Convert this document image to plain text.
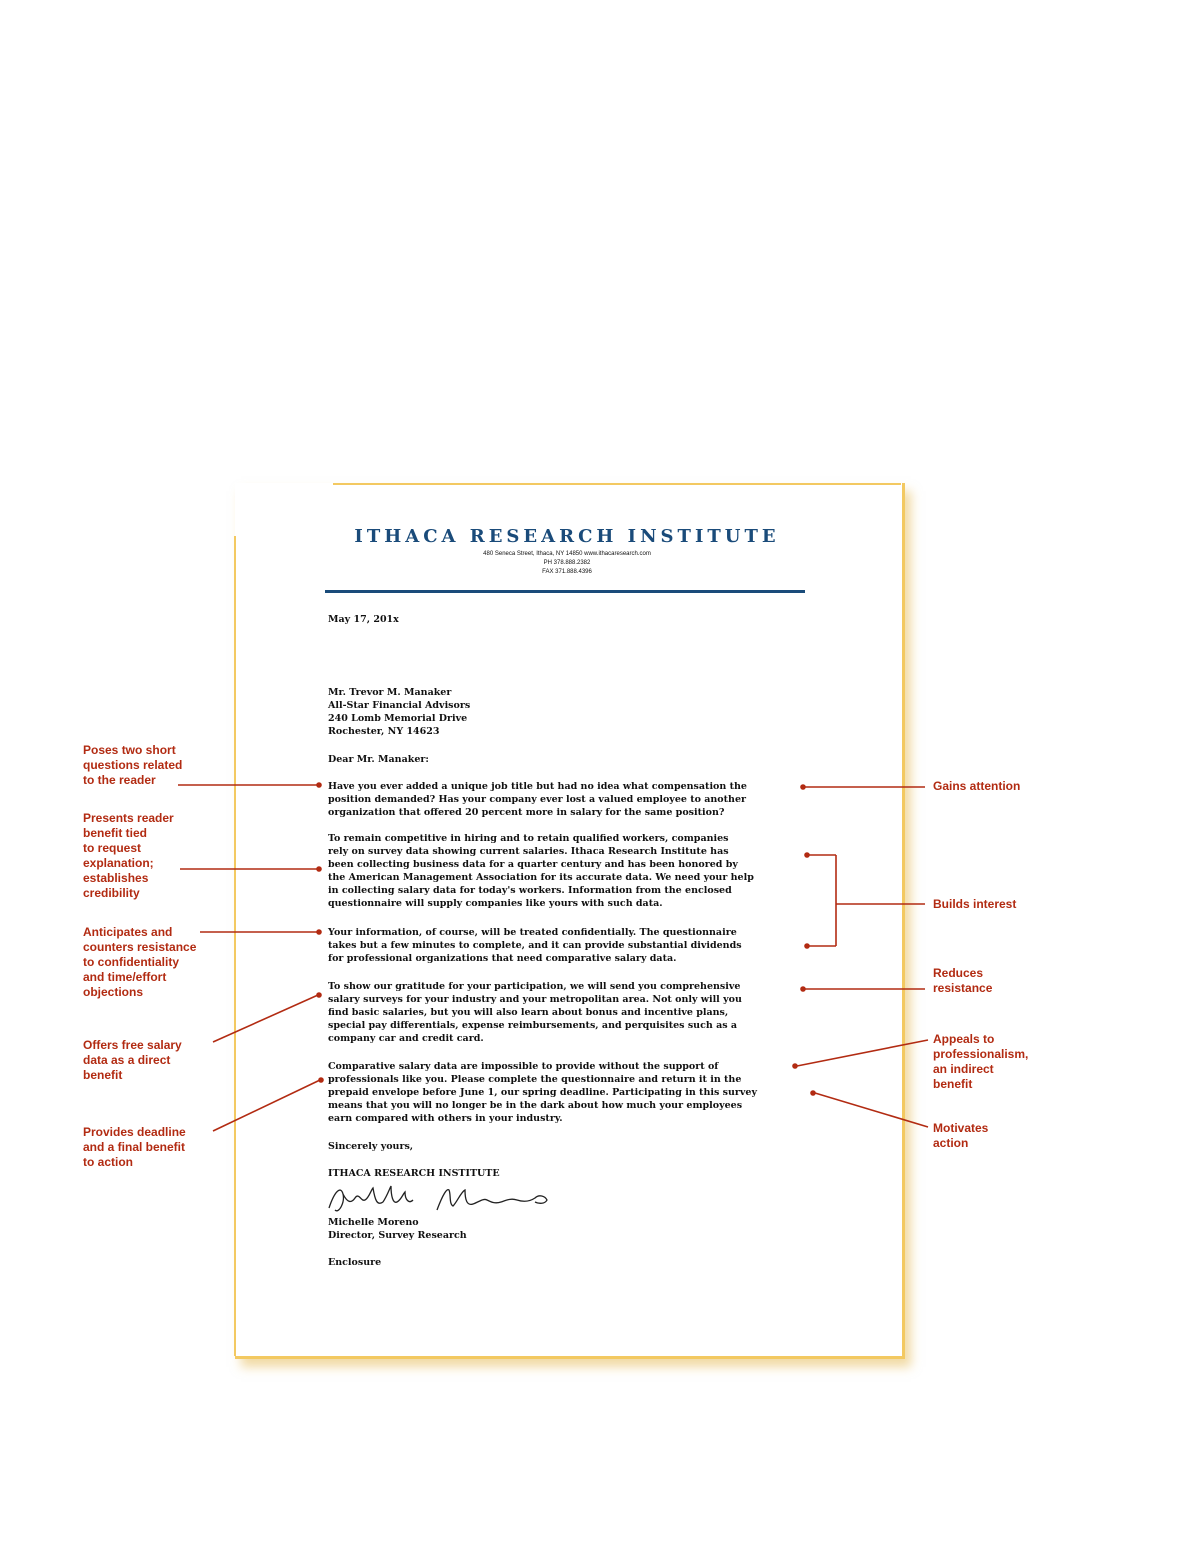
ITHACA RESEARCH INSTITUTE
480 Seneca Street, Ithaca, NY 14850 www.ithacaresearch.com
PH 378.888.2382
FAX 371.888.4396
May 17, 201x
Mr. Trevor M. Manaker
All-Star Financial Advisors
240 Lomb Memorial Drive
Rochester, NY 14623
Dear Mr. Manaker:
Have you ever added a unique job title but had no idea what compensation the
position demanded? Has your company ever lost a valued employee to another
organization that offered 20 percent more in salary for the same position?
To remain competitive in hiring and to retain qualified workers, companies
rely on survey data showing current salaries. Ithaca Research Institute has
been collecting business data for a quarter century and has been honored by
the American Management Association for its accurate data. We need your help
in collecting salary data for today's workers. Information from the enclosed
questionnaire will supply companies like yours with such data.
Your information, of course, will be treated confidentially. The questionnaire
takes but a few minutes to complete, and it can provide substantial dividends
for professional organizations that need comparative salary data.
To show our gratitude for your participation, we will send you comprehensive
salary surveys for your industry and your metropolitan area. Not only will you
find basic salaries, but you will also learn about bonus and incentive plans,
special pay differentials, expense reimbursements, and perquisites such as a
company car and credit card.
Comparative salary data are impossible to provide without the support of
professionals like you. Please complete the questionnaire and return it in the
prepaid envelope before June 1, our spring deadline. Participating in this survey
means that you will no longer be in the dark about how much your employees
earn compared with others in your industry.
Sincerely yours,
ITHACA RESEARCH INSTITUTE
Michelle Moreno
Director, Survey Research
Enclosure
Poses two short
questions related
to the reader
Presents reader
benefit tied
to request
explanation;
establishes
credibility
Anticipates and
counters resistance
to confidentiality
and time/effort
objections
Offers free salary
data as a direct
benefit
Provides deadline
and a final benefit
to action
Gains attention
Builds interest
Reduces
resistance
Appeals to
professionalism,
an indirect
benefit
Motivates
action
